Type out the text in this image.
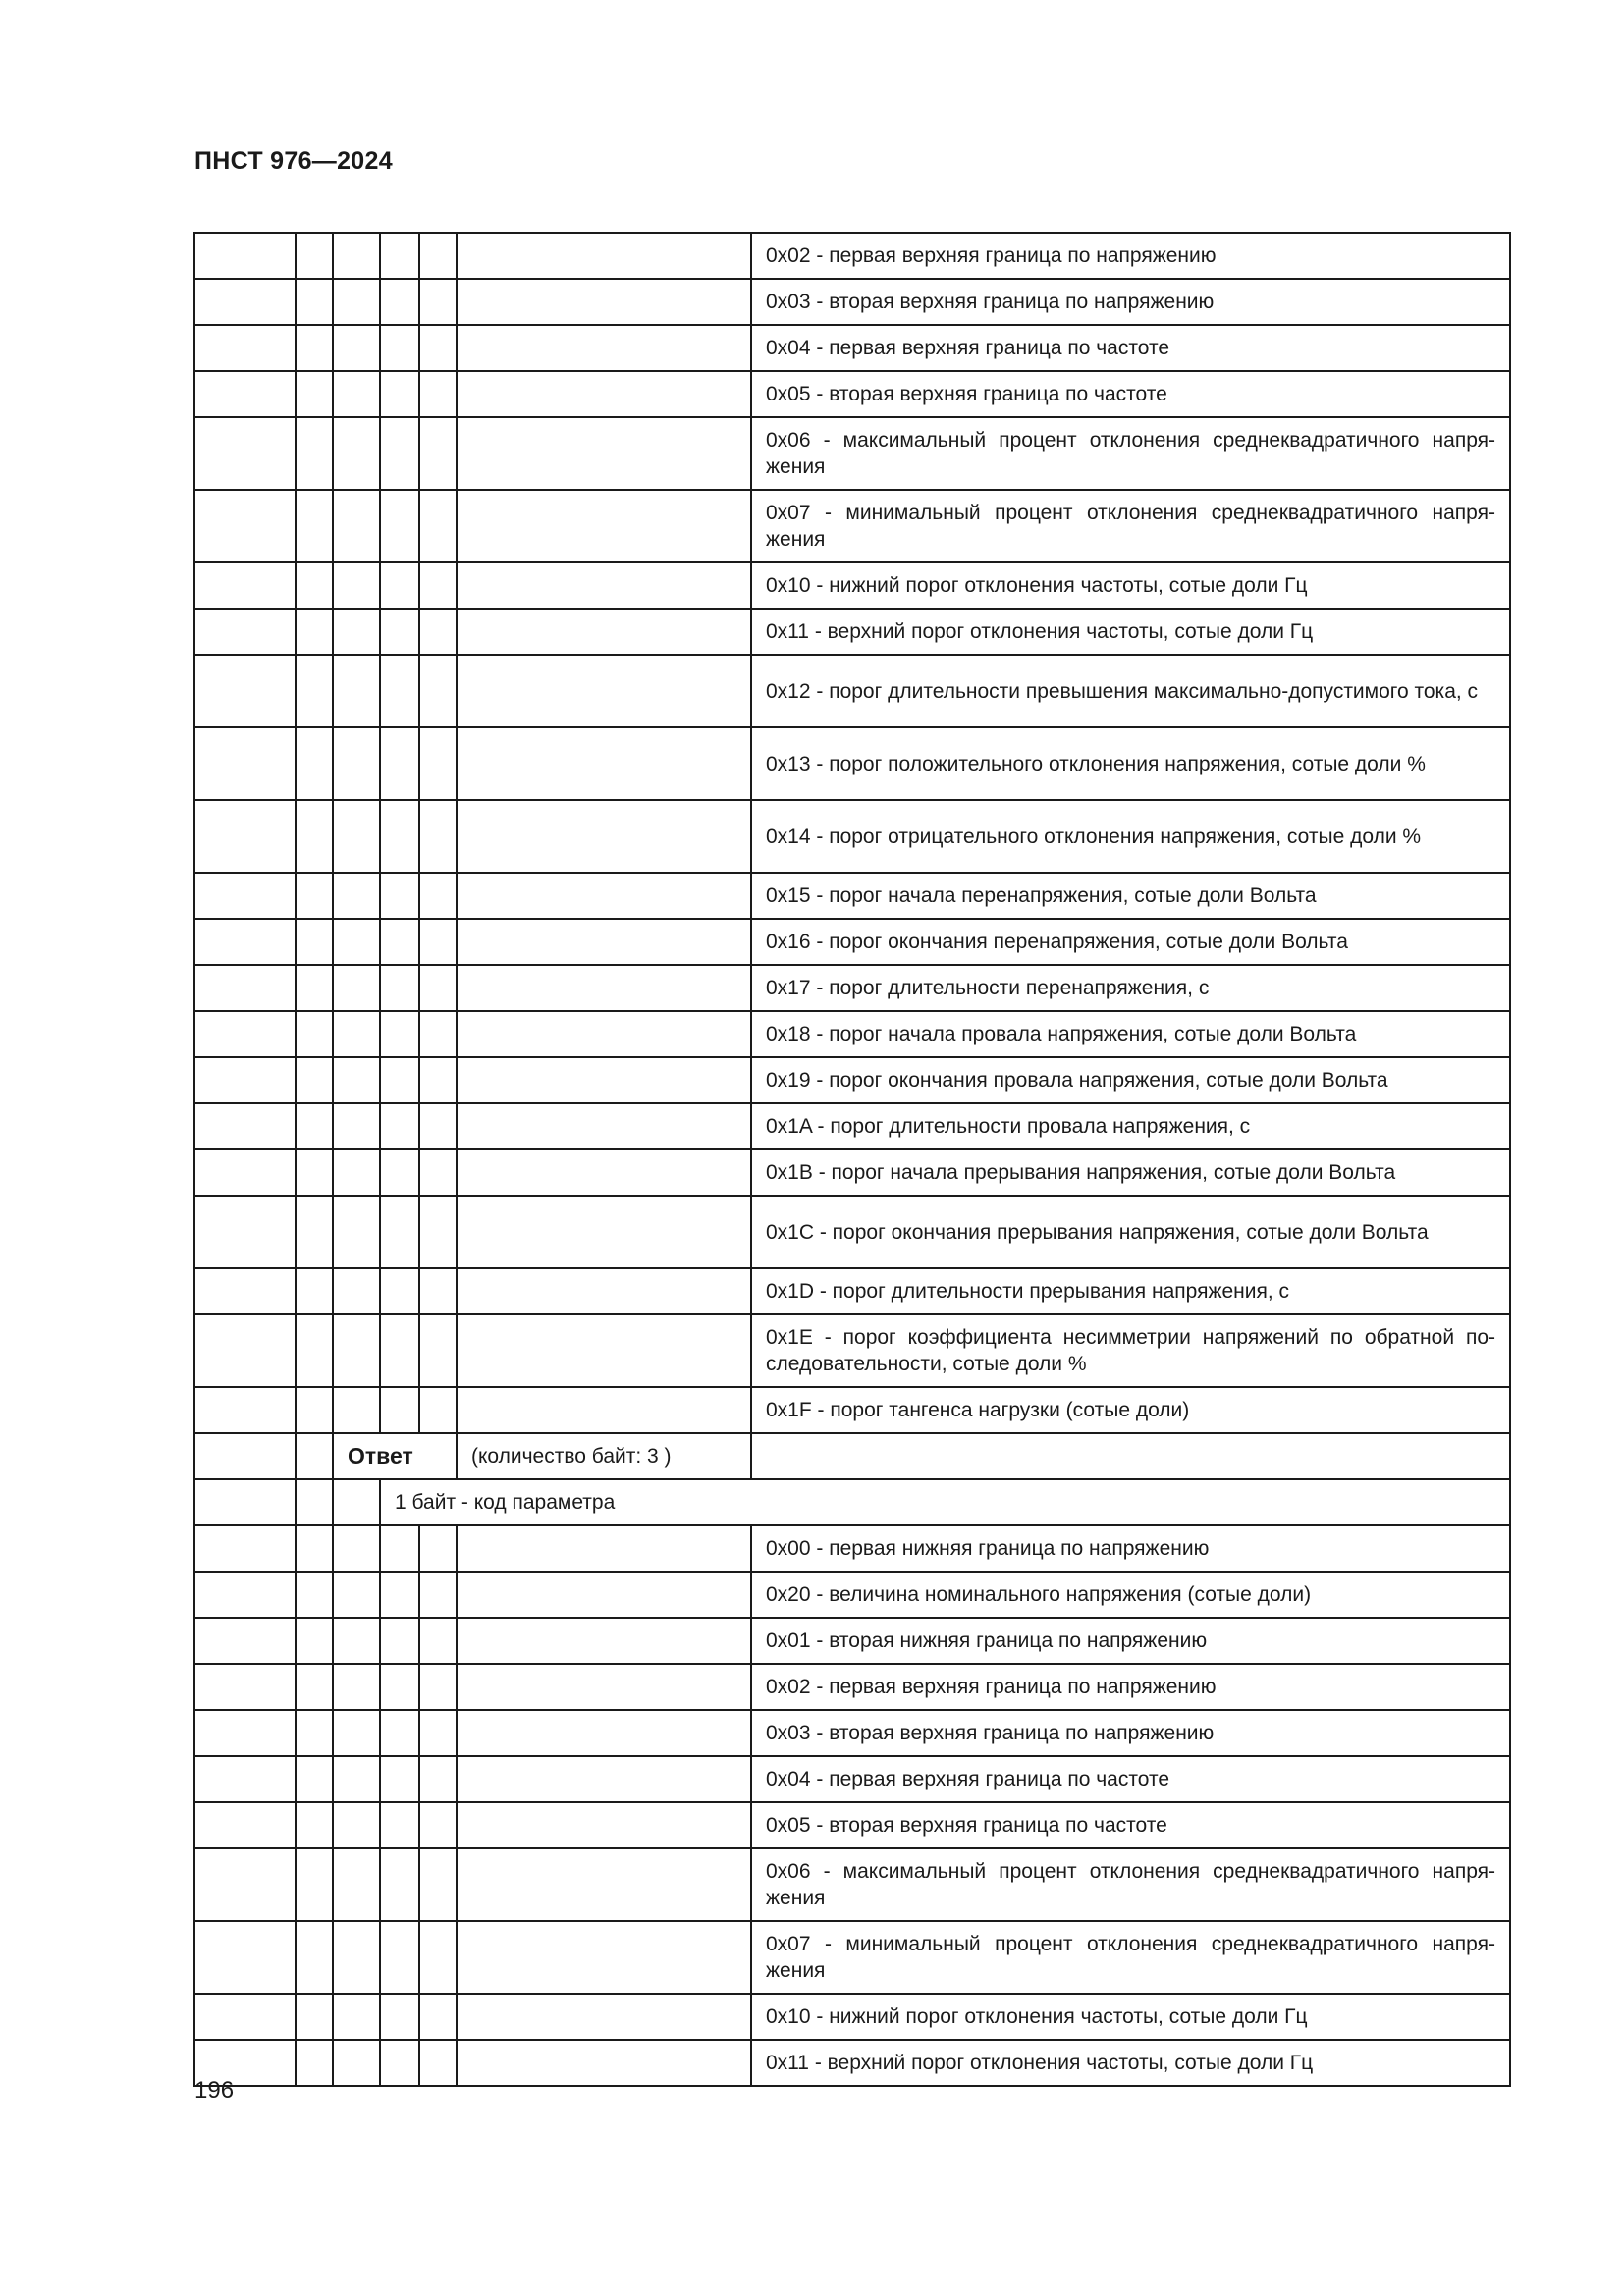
ПНСТ 976—2024
						0x02 - первая верхняя граница по напряжению
						0x03 - вторая верхняя граница по напряжению
						0x04 - первая верхняя граница по частоте
						0x05 - вторая верхняя граница по частоте
						0x06 - максимальный процент отклонения среднеквадратичного напря-жения
						0x07 - минимальный процент отклонения среднеквадратичного напря-жения
						0x10 - нижний порог отклонения частоты, сотые доли Гц
						0x11 - верхний порог отклонения частоты, сотые доли Гц
						0x12 - порог длительности превышения максимально-допустимого тока, с
						0x13 - порог положительного отклонения напряжения, сотые доли %
						0x14 - порог отрицательного отклонения напряжения, сотые доли %
						0x15 - порог начала перенапряжения, сотые доли Вольта
						0x16 - порог окончания перенапряжения, сотые доли Вольта
						0x17 - порог длительности перенапряжения, с
						0x18 - порог начала провала напряжения, сотые доли Вольта
						0x19 - порог окончания провала напряжения, сотые доли Вольта
						0x1A - порог длительности провала напряжения, с
						0x1B - порог начала прерывания напряжения, сотые доли Вольта
						0x1C - порог окончания прерывания напряжения, сотые доли Вольта
						0x1D - порог длительности прерывания напряжения, с
						0x1E - порог коэффициента несимметрии напряжений по обратной по-следовательности, сотые доли %
						0x1F - порог тангенса нагрузки (сотые доли)
		Ответ			(количество байт: 3 )	
			1 байт - код параметра			
						0x00 - первая нижняя граница по напряжению
						0x20 - величина номинального напряжения (сотые доли)
						0x01 - вторая нижняя граница по напряжению
						0x02 - первая верхняя граница по напряжению
						0x03 - вторая верхняя граница по напряжению
						0x04 - первая верхняя граница по частоте
						0x05 - вторая верхняя граница по частоте
						0x06 - максимальный процент отклонения среднеквадратичного напря-жения
						0x07 - минимальный процент отклонения среднеквадратичного напря-жения
						0x10 - нижний порог отклонения частоты, сотые доли Гц
						0x11 - верхний порог отклонения частоты, сотые доли Гц
196
